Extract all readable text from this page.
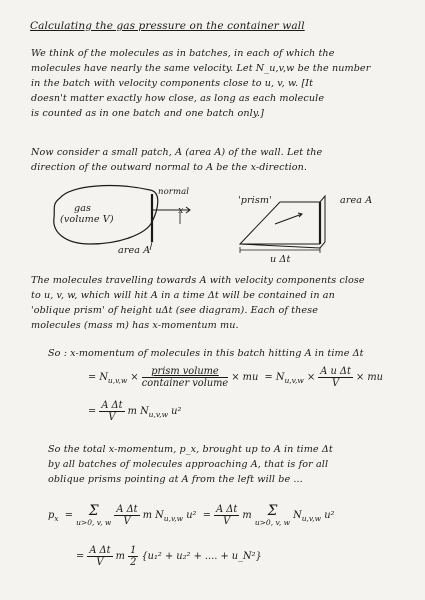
Calculating the gas pressure on the container wall
We think of the molecules as in batches, in each of which the
molecules have nearly the same velocity. Let N_u,v,w be the number
in the batch with velocity components close to u, v, w. [It
doesn't matter exactly how close, as long as each molecule
is counted as in one batch and one batch only.]
Now consider a small patch, A (area A) of the wall. Let the
direction of the outward normal to A be the x-direction.
gas
(volume V)
normal
x
area A
'prism'	area A
u Δt
The molecules travelling towards A with velocity components close
to u, v, w, which will hit A in a time Δt will be contained in an
'oblique prism' of height uΔt (see diagram). Each of these
molecules (mass m) has x-momentum mu.
So : x-momentum of molecules in this batch hitting A in time Δt
= $N_{u,v,w} \times \frac{\text{prism volume}}{\text{container volume}}$ × mu = $N_{u,v,w} \times \frac{\text{A u Δt}}{V}$ × mu
= $\frac{\text{A Δt}}{V}$ m $N_{u,v,w}$ u²
So the total x-momentum, p_x, brought up to A in time Δt
by all batches of molecules approaching A, that is for all
oblique prisms pointing at A from the left will be ...
$p_x$ =	Σ
u>0, v, w
$\frac{\text{A Δt}}{V}$ m $N_{u,v,w}$ $u^2 = \frac{\text{A Δt}}{V}$ m	Σ
u>0, v, w
$N_{u,v,w}$ u²
= $\frac{\text{A Δt}}{V}$ m $\frac{1}{2} \{u_1^2 + u_2^2$ + .... + u_N²}
